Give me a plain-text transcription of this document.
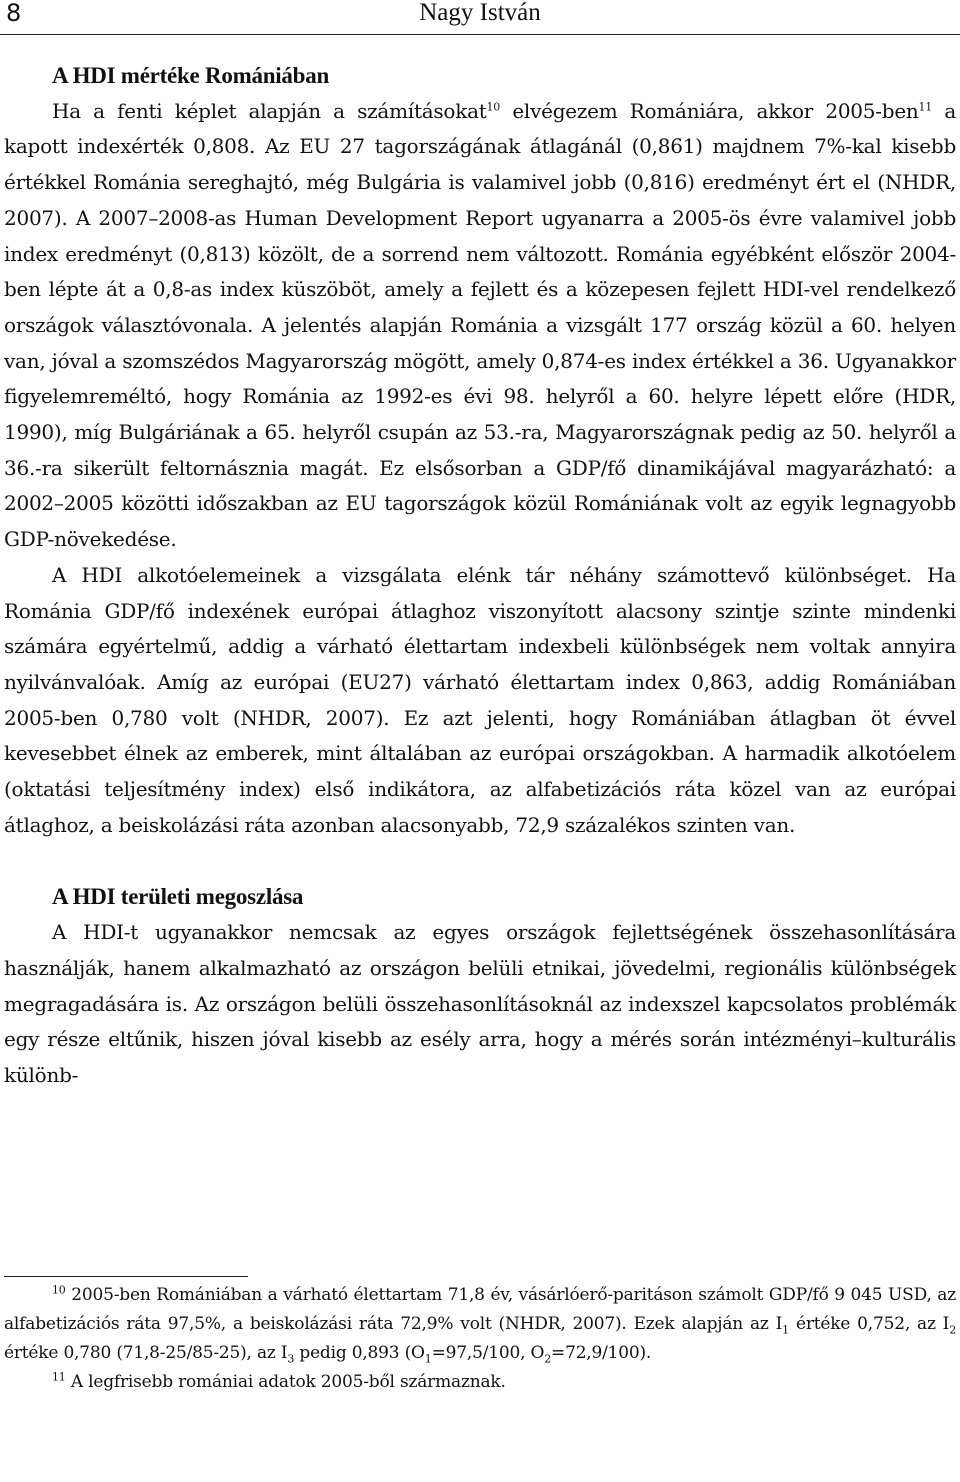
8	Nagy István
A HDI mértéke Romániában

Ha a fenti képlet alapján a számításokat$^{10}$ elvégezem Romániára, akkor 2005-ben$^{11}$ a kapott indexérték 0,808. Az EU 27 tagországának átlagánál (0,861) majdnem 7%-kal kisebb értékkel Románia sereghajtó, még Bulgária is valamivel jobb (0,816) eredményt ért el (NHDR, 2007). A 2007–2008-as Human Development Report ugyanarra a 2005-ös évre valamivel jobb index eredményt (0,813) közölt, de a sorrend nem változott. Románia egyébként először 2004-ben lépte át a 0,8-as index küszöböt, amely a fejlett és a közepesen fejlett HDI-vel rendelkező országok választóvonala. A jelentés alapján Románia a vizsgált 177 ország közül a 60. helyen van, jóval a szomszédos Magyarország mögött, amely 0,874-es index értékkel a 36. Ugyanakkor figyelemreméltó, hogy Románia az 1992-es évi 98. helyről a 60. helyre lépett előre (HDR, 1990), míg Bulgáriának a 65. helyről csupán az 53.-ra, Magyarországnak pedig az 50. helyről a 36.-ra sikerült feltornásznia magát. Ez elsősorban a GDP/fő dinamikájával magyarázható: a 2002–2005 közötti időszakban az EU tagországok közül Romániának volt az egyik legnagyobb GDP-növekedése.

A HDI alkotóelemeinek a vizsgálata elénk tár néhány számottevő különbséget. Ha Románia GDP/fő indexének európai átlaghoz viszonyított alacsony szintje szinte mindenki számára egyértelmű, addig a várható élettartam indexbeli különbségek nem voltak annyira nyilvánvalóak. Amíg az európai (EU27) várható élettartam index 0,863, addig Romániában 2005-ben 0,780 volt (NHDR, 2007). Ez azt jelenti, hogy Romániában átlagban öt évvel kevesebbet élnek az emberek, mint általában az európai országokban. A harmadik alkotóelem (oktatási teljesítmény index) első indikátora, az alfabetizációs ráta közel van az európai átlaghoz, a beiskolázási ráta azonban alacsonyabb, 72,9 százalékos szinten van.

A HDI területi megoszlása

A HDI-t ugyanakkor nemcsak az egyes országok fejlettségének összehasonlítására használják, hanem alkalmazható az országon belüli etnikai, jövedelmi, regionális különbségek megragadására is. Az országon belüli összehasonlításoknál az indexszel kapcsolatos problémák egy része eltűnik, hiszen jóval kisebb az esély arra, hogy a mérés során intézményi–kulturális különb-

$^{10}$ 2005-ben Romániában a várható élettartam 71,8 év, vásárlóerő-paritáson számolt GDP/fő 9 045 USD, az alfabetizációs ráta 97,5%, a beiskolázási ráta 72,9% volt (NHDR, 2007). Ezek alapján az $I_1$ értéke 0,752, az $I_2$ értéke 0,780 (71,8-25/85-25), az $I_3$ pedig 0,893 ($O_1=97,5/100$, $O_2=72,9/100$).

$^{11}$ A legfrisebb romániai adatok 2005-ből származnak.
